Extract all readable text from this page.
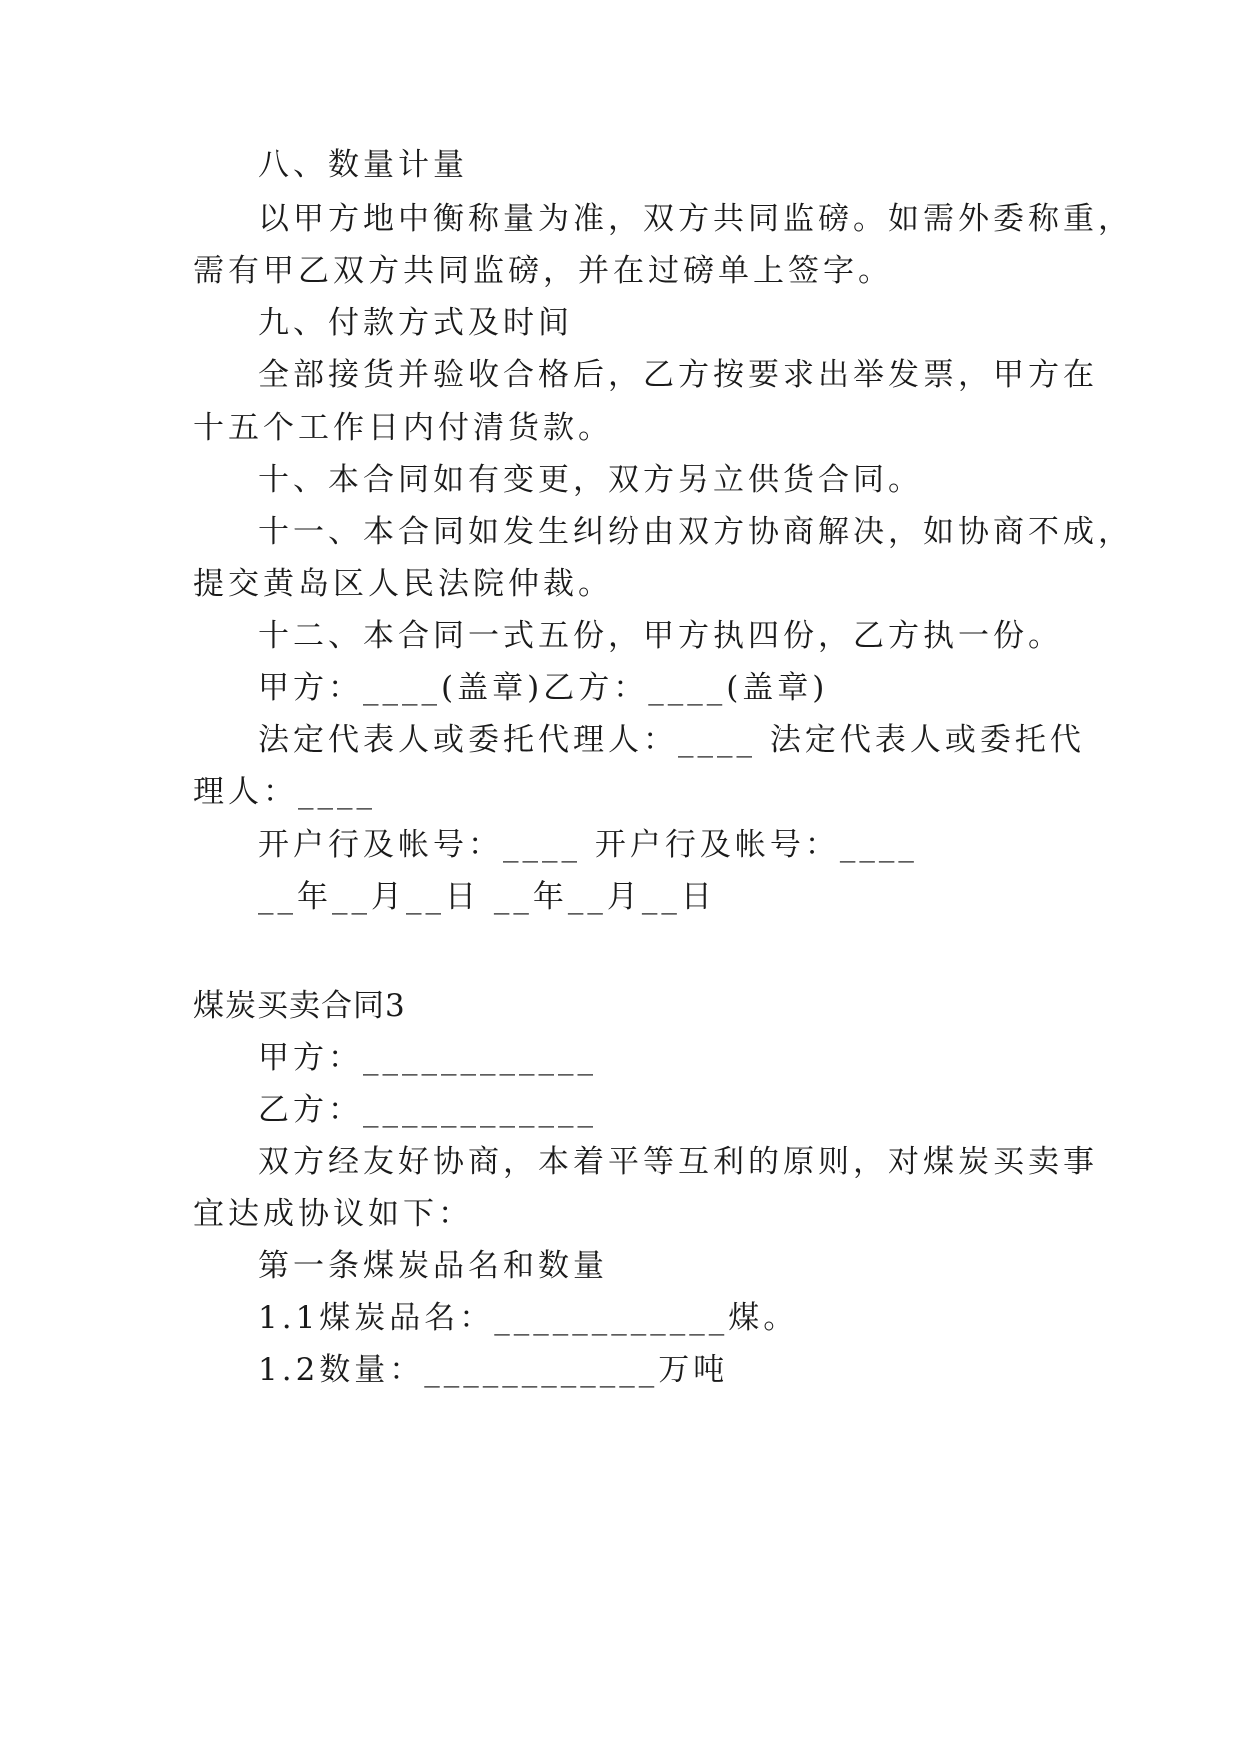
八、数量计量
以甲方地中衡称量为准，双方共同监磅。如需外委称重，
需有甲乙双方共同监磅，并在过磅单上签字。
九、付款方式及时间
全部接货并验收合格后，乙方按要求出举发票，甲方在
十五个工作日内付清货款。
十、本合同如有变更，双方另立供货合同。
十一、本合同如发生纠纷由双方协商解决，如协商不成，
提交黄岛区人民法院仲裁。
十二、本合同一式五份，甲方执四份，乙方执一份。
甲方：____(盖章)乙方：____(盖章)
法定代表人或委托代理人：____ 法定代表人或委托代
理人：____
开户行及帐号：____ 开户行及帐号：____
__年__月__日 __年__月__日
煤炭买卖合同3
甲方：____________
乙方：____________
双方经友好协商，本着平等互利的原则，对煤炭买卖事
宜达成协议如下：
第一条煤炭品名和数量
1.1煤炭品名：____________煤。
1.2数量：____________万吨
